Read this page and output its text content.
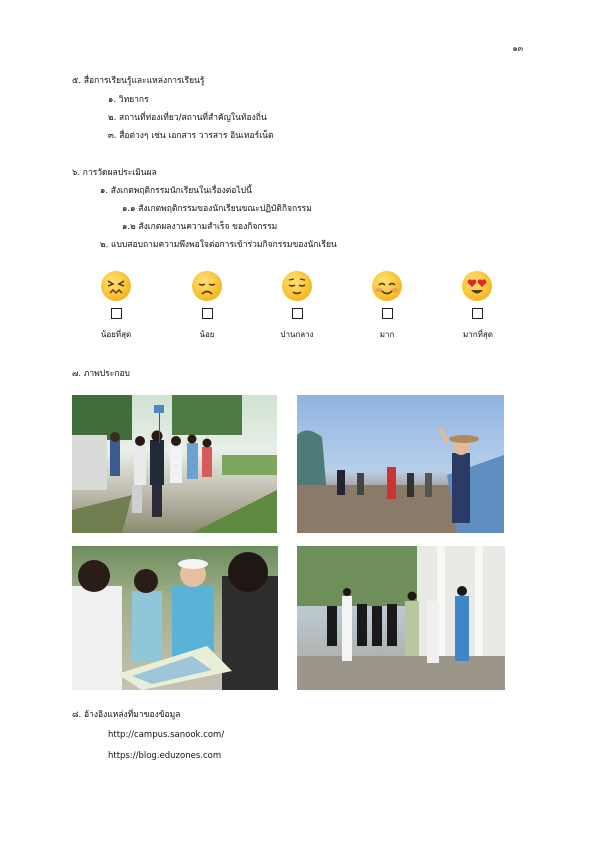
๑๓
๕. สื่อการเรียนรู้และแหล่งการเรียนรู้
๑. วิทยากร
๒. สถานที่ท่องเที่ยว/สถานที่สำคัญในท้องถิ่น
๓. สื่อต่างๆ เช่น เอกสาร วารสาร อินเทอร์เน็ต
๖. การวัดผลประเมินผล
๑. สังเกตพฤติกรรมนักเรียนในเรื่องต่อไปนี้
๑.๑ สังเกตพฤติกรรมของนักเรียนขณะปฏิบัติกิจกรรม
๑.๒ สังเกตผลงานความสำเร็จ ของกิจกรรม
๒. แบบสอบถามความพึงพอใจต่อการเข้าร่วมกิจกรรมของนักเรียน
น้อยที่สุด	น้อย	ปานกลาง	มาก	มากที่สุด
๗. ภาพประกอบ
๘. อ้างอิงแหล่งที่มาของข้อมูล
http://campus.sanook.com/
https://blog.eduzones.com
